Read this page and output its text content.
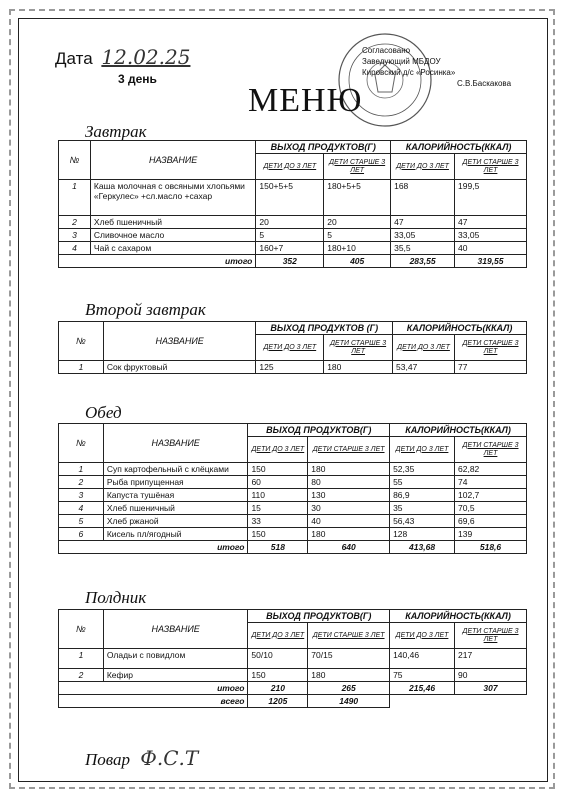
Дата 12.02.25
3 день
Согласовано
Заведующий МБДОУ
Кировский д/с «Росинка»
С.В.Баскакова
МЕНЮ
Завтрак
№	НАЗВАНИЕ	ВЫХОД ПРОДУКТОВ(Г)		КАЛОРИЙНОСТЬ(ККАЛ)	
		ДЕТИ ДО 3 ЛЕТ	ДЕТИ СТАРШЕ 3 ЛЕТ	ДЕТИ ДО 3 ЛЕТ	ДЕТИ СТАРШЕ 3 ЛЕТ
1	Каша молочная с овсяными хлопьями «Геркулес» +сл.масло +сахар	150+5+5	180+5+5	168	199,5
2	Хлеб пшеничный	20	20	47	47
3	Сливочное масло	5	5	33,05	33,05
4	Чай с сахаром	160+7	180+10	35,5	40
итого		352	405	283,55	319,55
Второй завтрак
№	НАЗВАНИЕ	ВЫХОД ПРОДУКТОВ (Г)		КАЛОРИЙНОСТЬ(ККАЛ)	
		ДЕТИ ДО 3 ЛЕТ	ДЕТИ СТАРШЕ 3 ЛЕТ	ДЕТИ ДО 3 ЛЕТ	ДЕТИ СТАРШЕ 3 ЛЕТ
1	Сок фруктовый	125	180	53,47	77
Обед
№	НАЗВАНИЕ	ВЫХОД ПРОДУКТОВ(Г)		КАЛОРИЙНОСТЬ(ККАЛ)	
		ДЕТИ ДО 3 ЛЕТ	ДЕТИ СТАРШЕ 3 ЛЕТ	ДЕТИ ДО 3 ЛЕТ	ДЕТИ СТАРШЕ 3 ЛЕТ
1	Суп картофельный с клёцками	150	180	52,35	62,82
2	Рыба припущенная	60	80	55	74
3	Капуста тушёная	110	130	86,9	102,7
4	Хлеб пшеничный	15	30	35	70,5
5	Хлеб ржаной	33	40	56,43	69,6
6	Кисель пл/ягодный	150	180	128	139
итого		518	640	413,68	518,6
Полдник
№	НАЗВАНИЕ	ВЫХОД ПРОДУКТОВ(Г)		КАЛОРИЙНОСТЬ(ККАЛ)	
		ДЕТИ ДО 3 ЛЕТ	ДЕТИ СТАРШЕ 3 ЛЕТ	ДЕТИ ДО 3 ЛЕТ	ДЕТИ СТАРШЕ 3 ЛЕТ
1	Оладьи с повидлом	50/10	70/15	140,46	217
2	Кефир	150	180	75	90
итого		210	265	215,46	307
всего		1205	1490		
Повар Ф.С.Т
